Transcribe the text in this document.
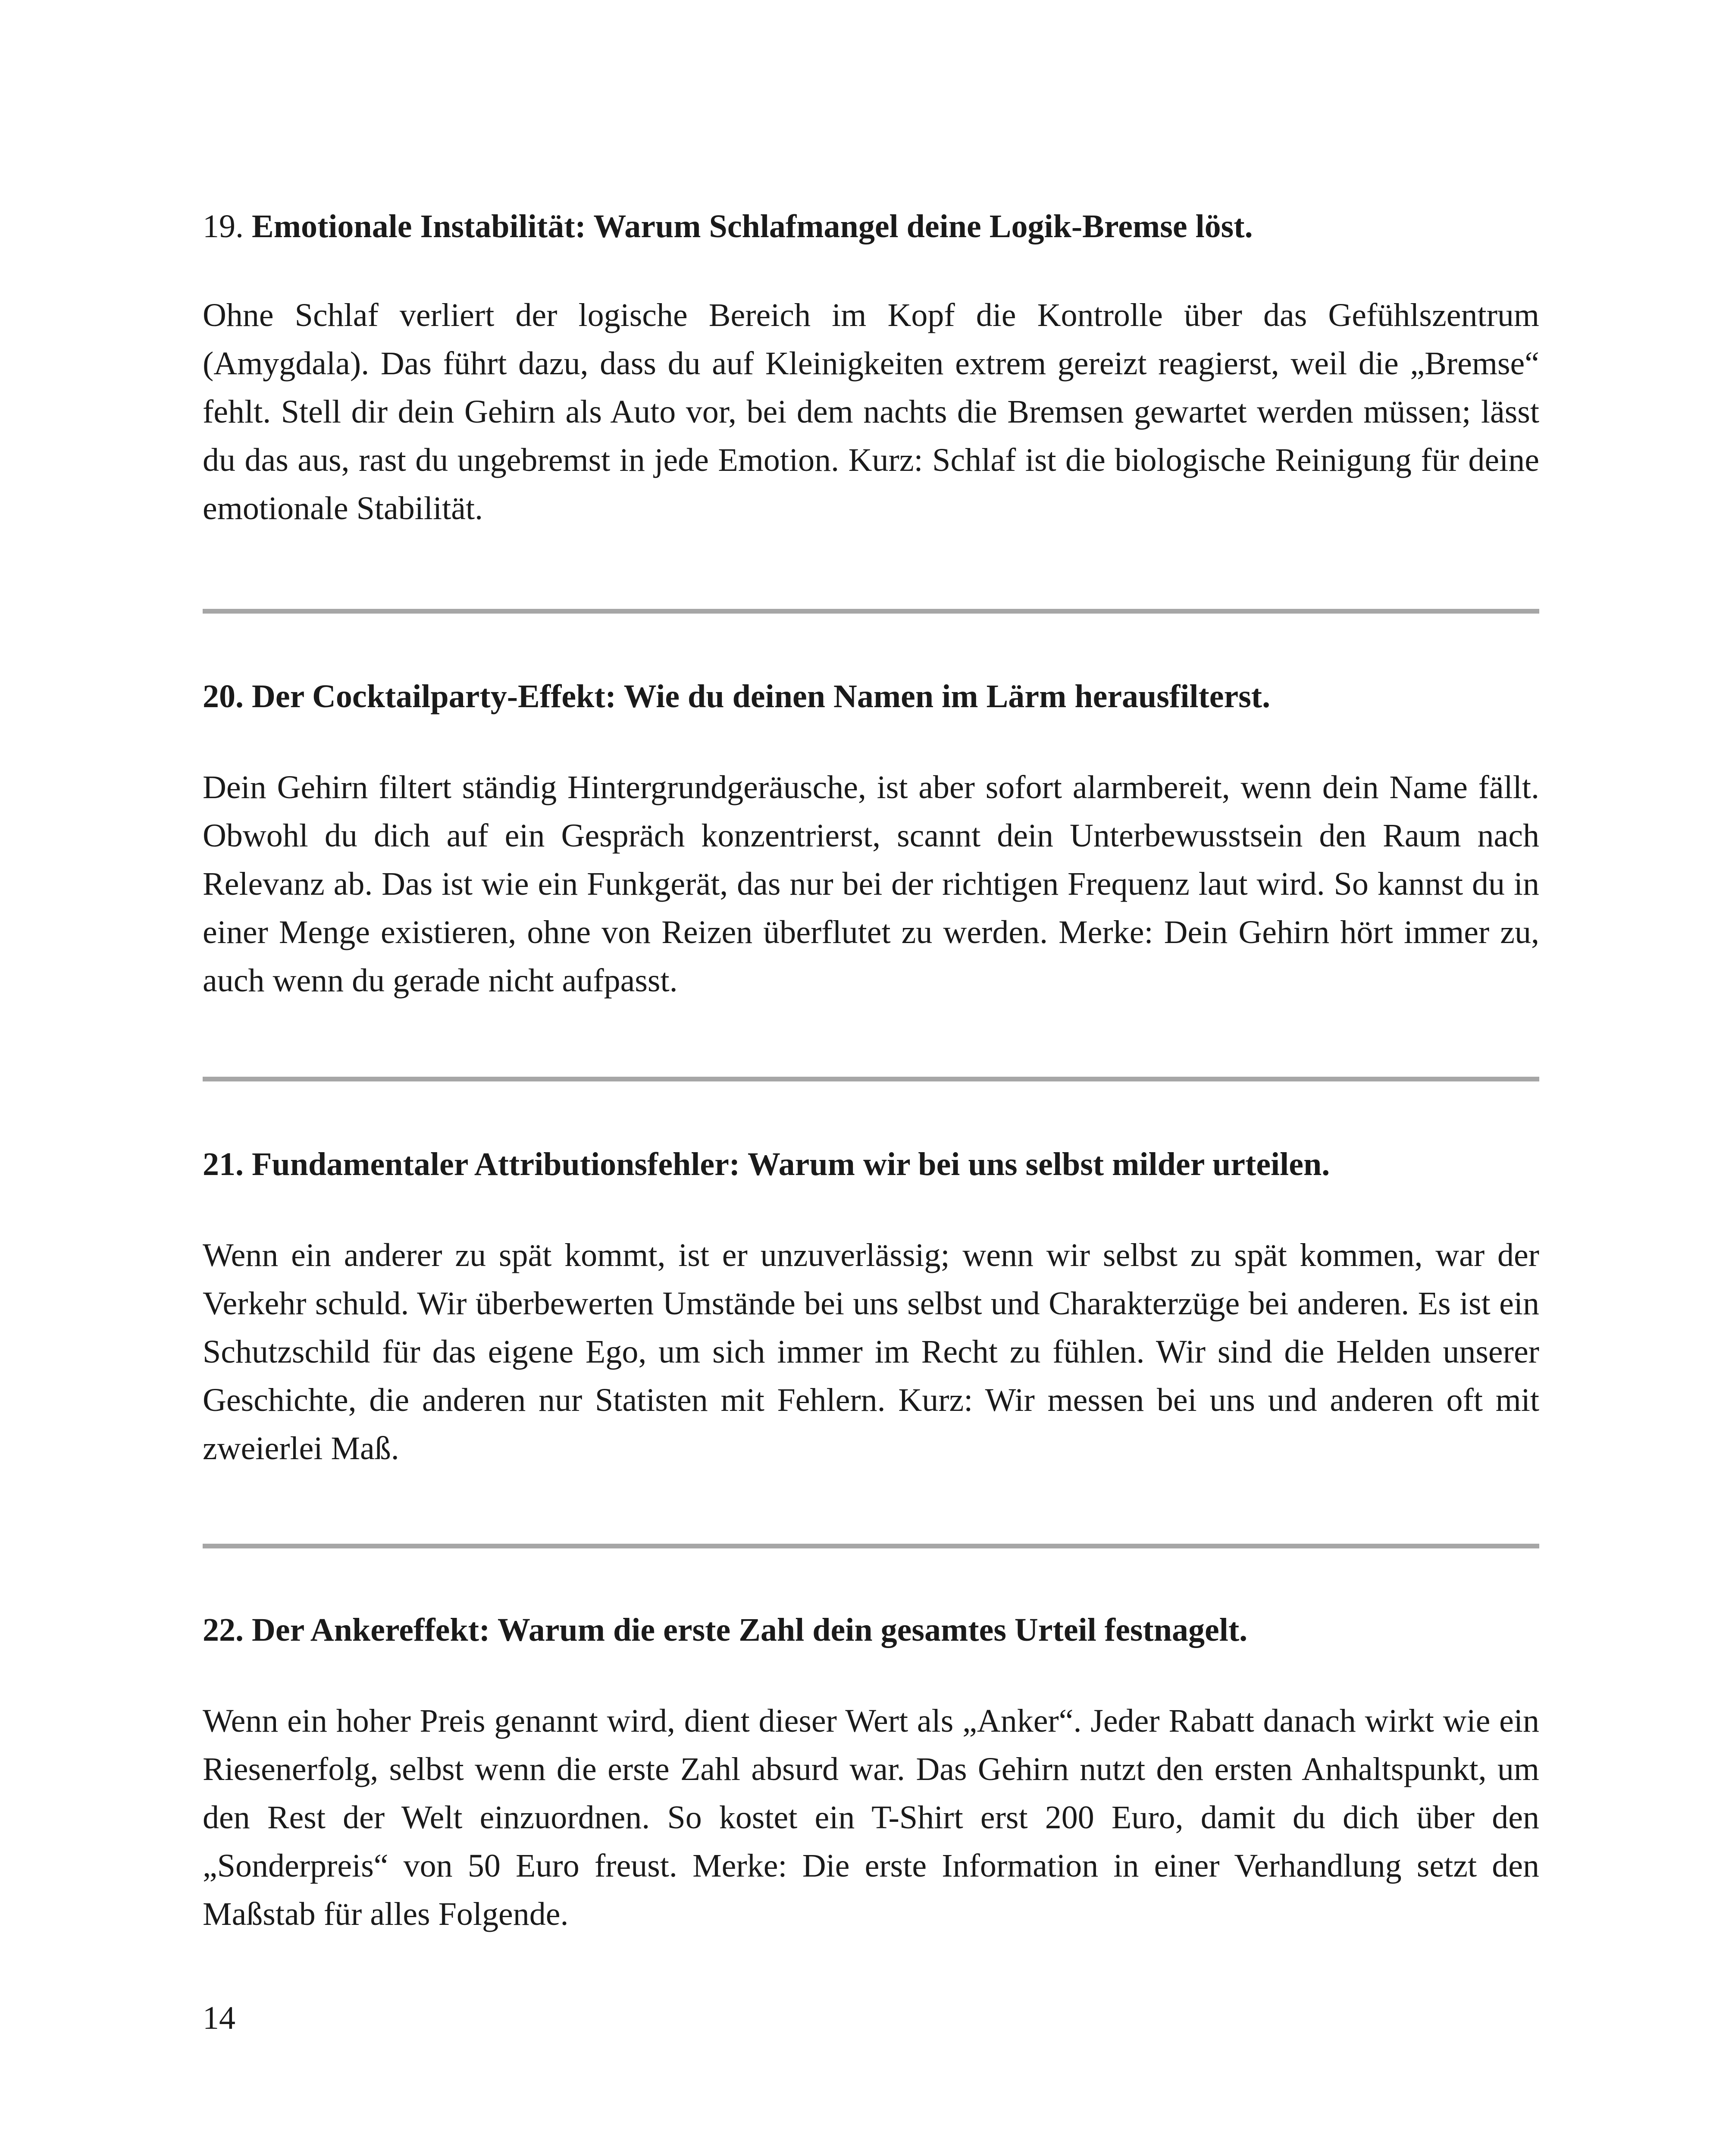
19. Emotionale Instabilität: Warum Schlafmangel deine Logik-Bremse löst.

Ohne Schlaf verliert der logische Bereich im Kopf die Kontrolle über das Gefühlszentrum (Amygdala). Das führt dazu, dass du auf Kleinigkeiten extrem gereizt reagierst, weil die „Bremse“ fehlt. Stell dir dein Gehirn als Auto vor, bei dem nachts die Bremsen gewartet werden müssen; lässt du das aus, rast du ungebremst in jede Emotion. Kurz: Schlaf ist die biologische Reinigung für deine emotionale Stabilität.

20. Der Cocktailparty-Effekt: Wie du deinen Namen im Lärm herausfilterst.

Dein Gehirn filtert ständig Hintergrundgeräusche, ist aber sofort alarmbereit, wenn dein Name fällt. Obwohl du dich auf ein Gespräch konzentrierst, scannt dein Unterbewusstsein den Raum nach Relevanz ab. Das ist wie ein Funkgerät, das nur bei der richtigen Frequenz laut wird. So kannst du in einer Menge existieren, ohne von Reizen überflutet zu werden. Merke: Dein Gehirn hört immer zu, auch wenn du gerade nicht aufpasst.

21. Fundamentaler Attributionsfehler: Warum wir bei uns selbst milder urteilen.

Wenn ein anderer zu spät kommt, ist er unzuverlässig; wenn wir selbst zu spät kommen, war der Verkehr schuld. Wir überbewerten Umstände bei uns selbst und Charakterzüge bei anderen. Es ist ein Schutzschild für das eigene Ego, um sich immer im Recht zu fühlen. Wir sind die Helden unserer Geschichte, die anderen nur Statisten mit Fehlern. Kurz: Wir messen bei uns und anderen oft mit zweierlei Maß.

22. Der Ankereffekt: Warum die erste Zahl dein gesamtes Urteil festnagelt.

Wenn ein hoher Preis genannt wird, dient dieser Wert als „Anker“. Jeder Rabatt danach wirkt wie ein Riesenerfolg, selbst wenn die erste Zahl absurd war. Das Gehirn nutzt den ersten Anhaltspunkt, um den Rest der Welt einzuordnen. So kostet ein T-Shirt erst 200 Euro, damit du dich über den „Sonderpreis“ von 50 Euro freust. Merke: Die erste Information in einer Verhandlung setzt den Maßstab für alles Folgende.

14
